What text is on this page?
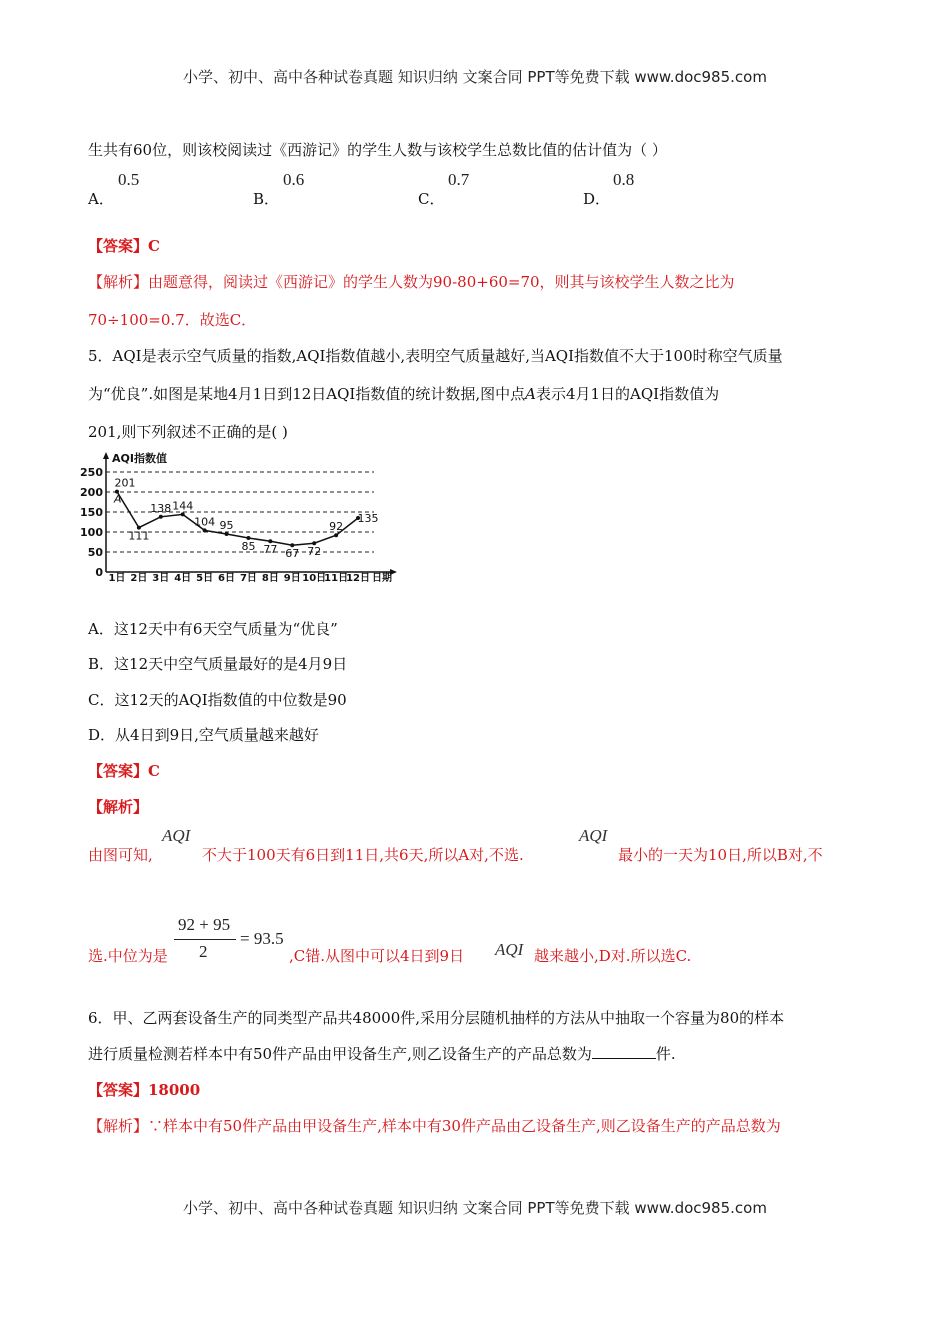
小学、初中、高中各种试卷真题 知识归纳 文案合同 PPT等免费下载 www.doc985.com
生共有60位，则该校阅读过《西游记》的学生人数与该校学生总数比值的估计值为（ ）
A．
0.5
B．
0.6
C．
0.7
D．
0.8
【答案】C
【解析】由题意得，阅读过《西游记》的学生人数为90-80+60=70，则其与该校学生人数之比为
70÷100=0.7．故选C．
5．AQI是表示空气质量的指数,AQI指数值越小,表明空气质量越好,当AQI指数值不大于100时称空气质量
为“优良”.如图是某地4月1日到12日AQI指数值的统计数据,图中点A表示4月1日的AQI指数值为
201,则下列叙述不正确的是( )
AQI指数值
日期
0
50
100
150
200
250
1日 2日 3日 4日 5日 6日 7日 8日 9日 10日
11日
12日
201
111
138 144
104 95
85 77 67 72
92
135
A
A．这12天中有6天空气质量为“优良”
B．这12天中空气质量最好的是4月9日
C．这12天的AQI指数值的中位数是90
D．从4日到9日,空气质量越来越好
【答案】C
【解析】
由图可知,
AQI
不大于100天有6日到11日,共6天,所以A对,不选.
AQI
最小的一天为10日,所以B对,不
选.中位为是
92 + 95
2
= 93.5
,C错.从图中可以4日到9日 AQI 越来越小,D对.所以选C.
6．甲、乙两套设备生产的同类型产品共48000件,采用分层随机抽样的方法从中抽取一个容量为80的样本
进行质量检测若样本中有50件产品由甲设备生产,则乙设备生产的产品总数为	件.
【答案】18000
【解析】∵样本中有50件产品由甲设备生产,样本中有30件产品由乙设备生产,则乙设备生产的产品总数为
小学、初中、高中各种试卷真题 知识归纳 文案合同 PPT等免费下载 www.doc985.com
